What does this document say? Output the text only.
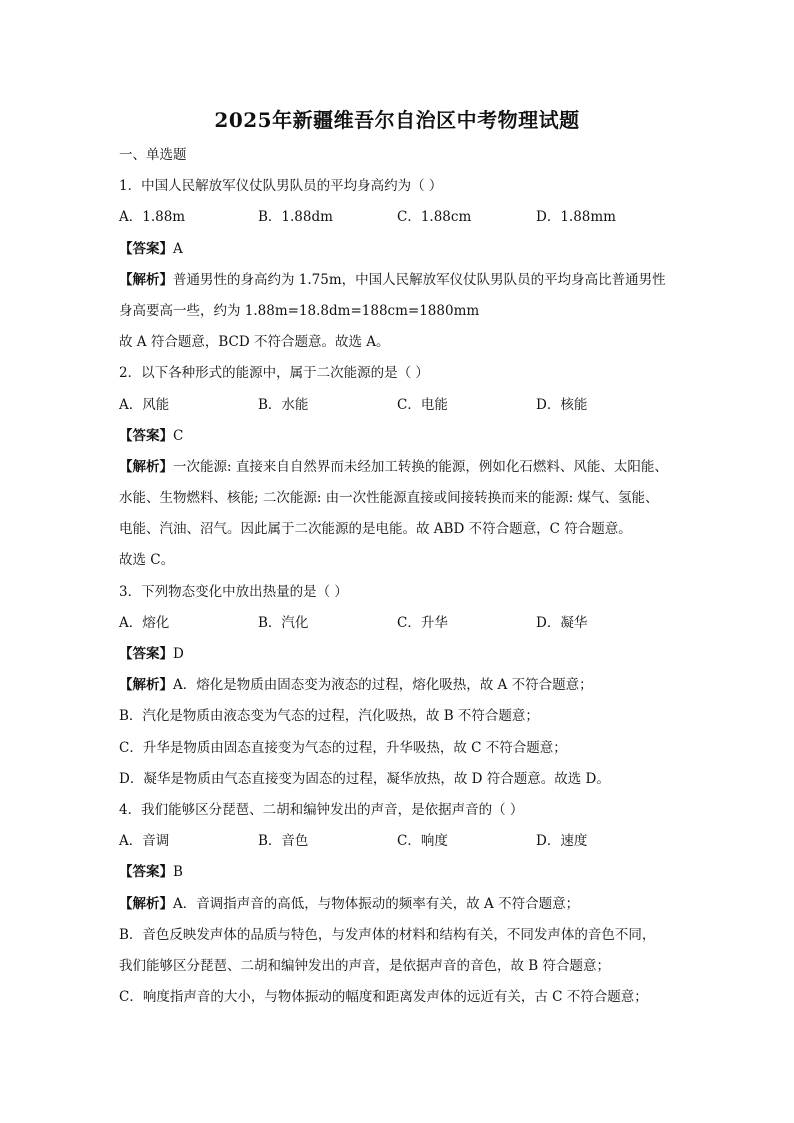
2025年新疆维吾尔自治区中考物理试题
一、单选题
1．中国人民解放军仪仗队男队员的平均身高约为（ ）
A．1.88m	B．1.88dm	C．1.88cm	D．1.88mm
【答案】A
【解析】普通男性的身高约为 1.75m，中国人民解放军仪仗队男队员的平均身高比普通男性
身高要高一些，约为 1.88m=18.8dm=188cm=1880mm
故 A 符合题意，BCD 不符合题意。故选 A。
2．以下各种形式的能源中，属于二次能源的是（ ）
A．风能	B．水能	C．电能	D．核能
【答案】C
【解析】一次能源: 直接来自自然界而未经加工转换的能源，例如化石燃料、风能、太阳能、
水能、生物燃料、核能; 二次能源: 由一次性能源直接或间接转换而来的能源: 煤气、氢能、
电能、汽油、沼气。因此属于二次能源的是电能。故 ABD 不符合题意，C 符合题意。
故选 C。
3．下列物态变化中放出热量的是（ ）
A．熔化	B．汽化	C．升华	D．凝华
【答案】D
【解析】A．熔化是物质由固态变为液态的过程，熔化吸热，故 A 不符合题意；
B．汽化是物质由液态变为气态的过程，汽化吸热，故 B 不符合题意；
C．升华是物质由固态直接变为气态的过程，升华吸热，故 C 不符合题意；
D．凝华是物质由气态直接变为固态的过程，凝华放热，故 D 符合题意。故选 D。
4．我们能够区分琵琶、二胡和编钟发出的声音，是依据声音的（ ）
A．音调	B．音色	C．响度	D．速度
【答案】B
【解析】A．音调指声音的高低，与物体振动的频率有关，故 A 不符合题意；
B．音色反映发声体的品质与特色，与发声体的材料和结构有关，不同发声体的音色不同，
我们能够区分琵琶、二胡和编钟发出的声音，是依据声音的音色，故 B 符合题意；
C．响度指声音的大小，与物体振动的幅度和距离发声体的远近有关，古 C 不符合题意；
